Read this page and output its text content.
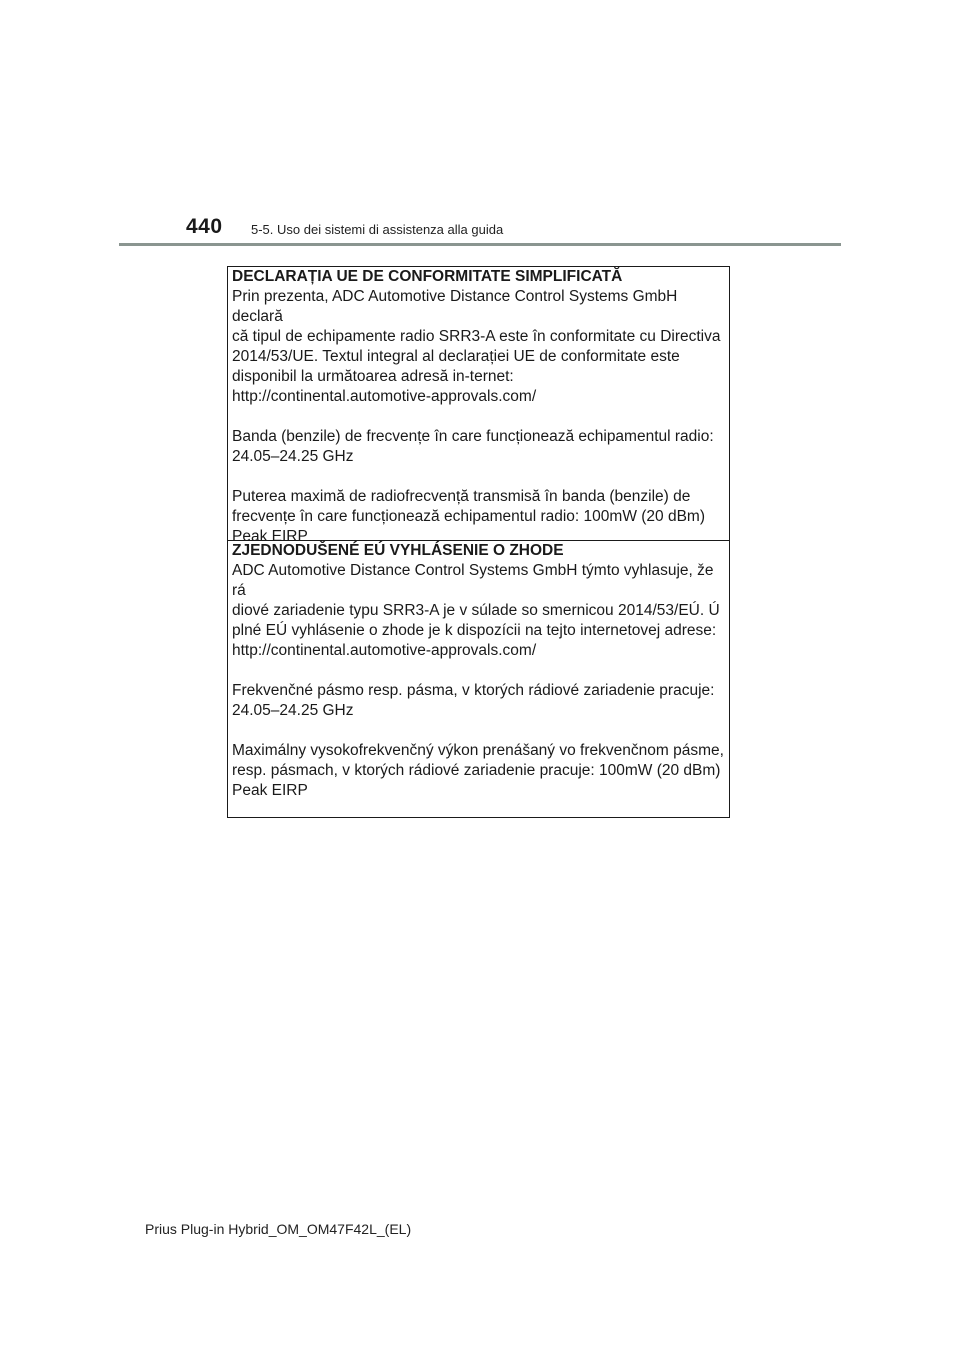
440 5-5. Uso dei sistemi di assistenza alla guida

DECLARAȚIA UE DE CONFORMITATE SIMPLIFICATĂ

Prin prezenta, ADC Automotive Distance Control Systems GmbH declară
că tipul de echipamente radio SRR3-A este în conformitate cu Directiva
2014/53/UE. Textul integral al declarației UE de conformitate este
disponibil la următoarea adresă in-ternet:
http://continental.automotive-approvals.com/

Banda (benzile) de frecvențe în care funcționează echipamentul radio:
24.05–24.25 GHz

Puterea maximă de radiofrecvență transmisă în banda (benzile) de
frecvențe în care funcționează echipamentul radio: 100mW (20 dBm)
Peak EIRP

ZJEDNODUŠENÉ EÚ VYHLÁSENIE O ZHODE

ADC Automotive Distance Control Systems GmbH týmto vyhlasuje, že rá
diové zariadenie typu SRR3-A je v súlade so smernicou 2014/53/EÚ. Ú
plné EÚ vyhlásenie o zhode je k dispozícii na tejto internetovej adrese:
http://continental.automotive-approvals.com/

Frekvenčné pásmo resp. pásma, v ktorých rádiové zariadenie pracuje:
24.05–24.25 GHz

Maximálny vysokofrekvenčný výkon prenášaný vo frekvenčnom pásme,
resp. pásmach, v ktorých rádiové zariadenie pracuje: 100mW (20 dBm)
Peak EIRP

Prius Plug-in Hybrid_OM_OM47F42L_(EL)
